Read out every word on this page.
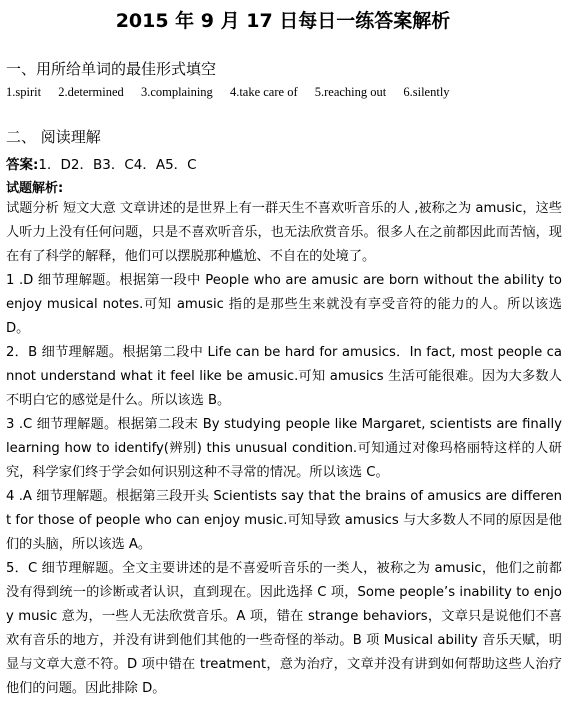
2015 年 9 月 17 日每日一练答案解析
一、用所给单词的最佳形式填空
1.spirit 2.determined 3.complaining 4.take care of 5.reaching out 6.silently
二、 阅读理解
答案:1．D2．B3．C4．A5．C
试题解析:
试题分析 短文大意 文章讲述的是世界上有一群天生不喜欢听音乐的人 ,被称之为 amusic，这些人听力上没有任何问题，只是不喜欢听音乐，也无法欣赏音乐。很多人在之前都因此而苦恼，现在有了科学的解释，他们可以摆脱那种尴尬、不自在的处境了。
1 .D 细节理解题。根据第一段中 People who are amusic are born without the ability to enjoy musical notes.可知 amusic 指的是那些生来就没有享受音符的能力的人。所以该选 D。
2．B 细节理解题。根据第二段中 Life can be hard for amusics．In fact, most people cannot understand what it feel like be amusic.可知 amusics 生活可能很难。因为大多数人不明白它的感觉是什么。所以该选 B。
3 .C 细节理解题。根据第二段末 By studying people like Margaret, scientists are finally learning how to identify(辨别) this unusual condition.可知通过对像玛格丽特这样的人研究，科学家们终于学会如何识别这种不寻常的情况。所以该选 C。
4 .A 细节理解题。根据第三段开头 Scientists say that the brains of amusics are different for those of people who can enjoy music.可知导致 amusics 与大多数人不同的原因是他们的头脑，所以该选 A。
5．C 细节理解题。全文主要讲述的是不喜爱听音乐的一类人，被称之为 amusic，他们之前都没有得到统一的诊断或者认识，直到现在。因此选择 C 项，Some people’s inability to enjoy music 意为，一些人无法欣赏音乐。A 项，错在 strange behaviors，文章只是说他们不喜欢有音乐的地方，并没有讲到他们其他的一些奇怪的举动。B 项 Musical ability 音乐天赋，明显与文章大意不符。D 项中错在 treatment，意为治疗，文章并没有讲到如何帮助这些人治疗他们的问题。因此排除 D。
